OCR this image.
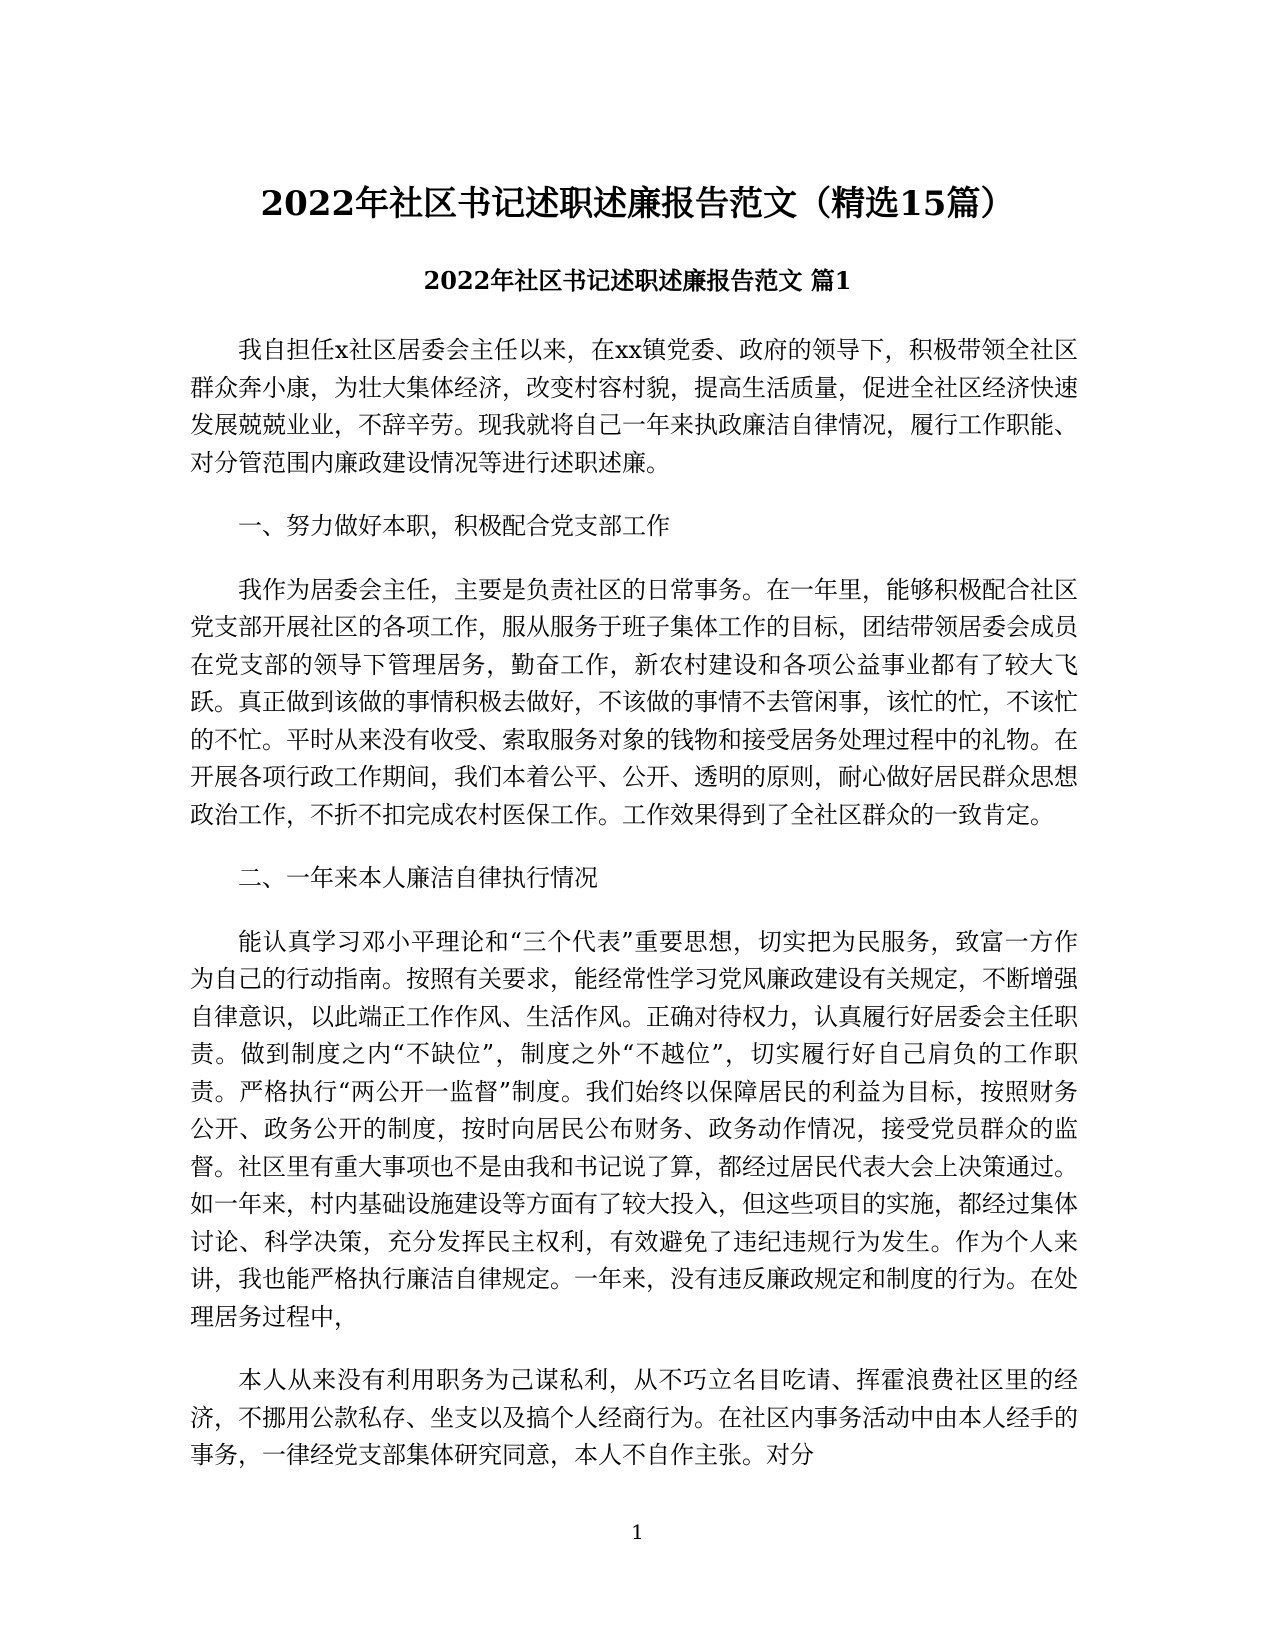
2022年社区书记述职述廉报告范文（精选15篇）
2022年社区书记述职述廉报告范文 篇1

我自担任x社区居委会主任以来，在xx镇党委、政府的领导下，积极带领全社区群众奔小康，为壮大集体经济，改变村容村貌，提高生活质量，促进全社区经济快速发展兢兢业业，不辞辛劳。现我就将自己一年来执政廉洁自律情况，履行工作职能、对分管范围内廉政建设情况等进行述职述廉。

一、努力做好本职，积极配合党支部工作

我作为居委会主任，主要是负责社区的日常事务。在一年里，能够积极配合社区党支部开展社区的各项工作，服从服务于班子集体工作的目标，团结带领居委会成员在党支部的领导下管理居务，勤奋工作，新农村建设和各项公益事业都有了较大飞跃。真正做到该做的事情积极去做好，不该做的事情不去管闲事，该忙的忙，不该忙的不忙。平时从来没有收受、索取服务对象的钱物和接受居务处理过程中的礼物。在开展各项行政工作期间，我们本着公平、公开、透明的原则，耐心做好居民群众思想政治工作，不折不扣完成农村医保工作。工作效果得到了全社区群众的一致肯定。

二、一年来本人廉洁自律执行情况

能认真学习邓小平理论和“三个代表”重要思想，切实把为民服务，致富一方作为自己的行动指南。按照有关要求，能经常性学习党风廉政建设有关规定，不断增强自律意识，以此端正工作作风、生活作风。正确对待权力，认真履行好居委会主任职责。做到制度之内“不缺位”，制度之外“不越位”，切实履行好自己肩负的工作职责。严格执行“两公开一监督”制度。我们始终以保障居民的利益为目标，按照财务公开、政务公开的制度，按时向居民公布财务、政务动作情况，接受党员群众的监督。社区里有重大事项也不是由我和书记说了算，都经过居民代表大会上决策通过。如一年来，村内基础设施建设等方面有了较大投入，但这些项目的实施，都经过集体讨论、科学决策，充分发挥民主权利，有效避免了违纪违规行为发生。作为个人来讲，我也能严格执行廉洁自律规定。一年来，没有违反廉政规定和制度的行为。在处理居务过程中，

本人从来没有利用职务为己谋私利，从不巧立名目吃请、挥霍浪费社区里的经济，不挪用公款私存、坐支以及搞个人经商行为。在社区内事务活动中由本人经手的事务，一律经党支部集体研究同意，本人不自作主张。对分

1
